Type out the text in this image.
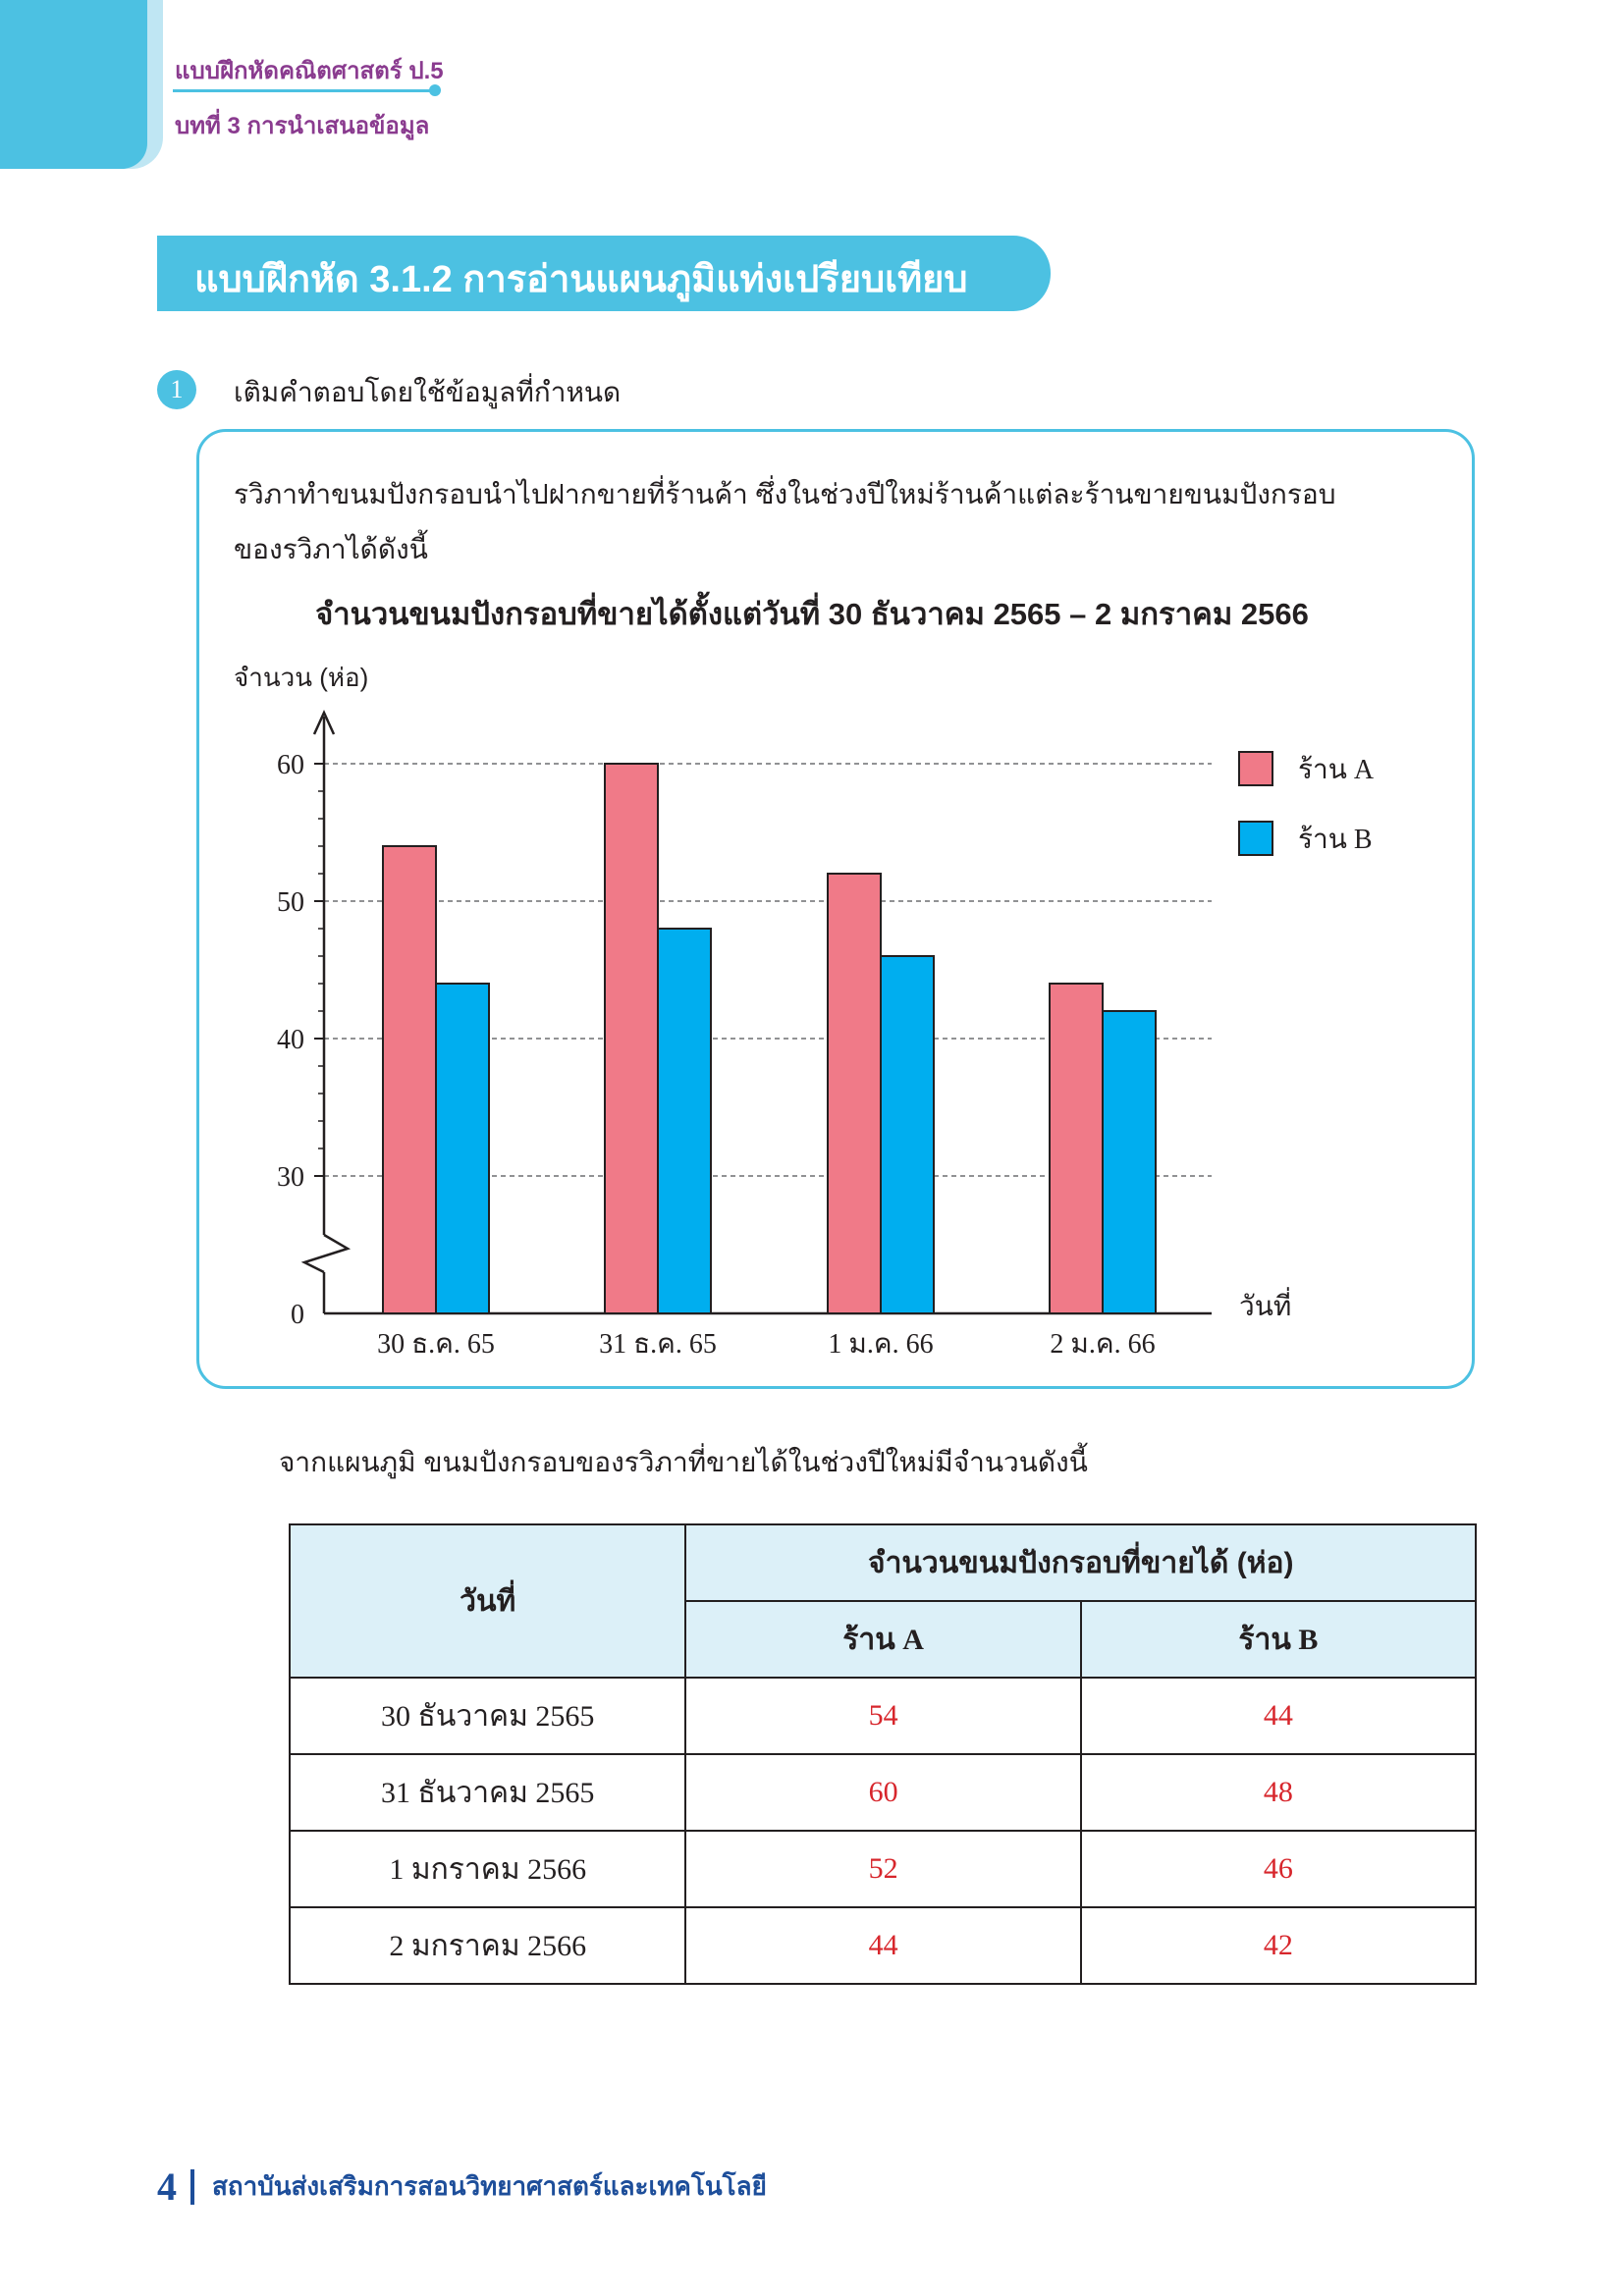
แบบฝึกหัดคณิตศาสตร์ ป.5
บทที่ 3 การนำเสนอข้อมูล
แบบฝึกหัด 3.1.2 การอ่านแผนภูมิแท่งเปรียบเทียบ
1	เติมคำตอบโดยใช้ข้อมูลที่กำหนด
รวิภาทำขนมปังกรอบนำไปฝากขายที่ร้านค้า ซึ่งในช่วงปีใหม่ร้านค้าแต่ละร้านขายขนมปังกรอบ
ของรวิภาได้ดังนี้
จำนวนขนมปังกรอบที่ขายได้ตั้งแต่วันที่ 30 ธันวาคม 2565 – 2 มกราคม 2566
จำนวน (ห่อ)
30
40
50
60
0	วันที่
30 ธ.ค. 65	31 ธ.ค. 65	1 ม.ค. 66	2 ม.ค. 66
ร้าน A
ร้าน B
จากแผนภูมิ ขนมปังกรอบของรวิภาที่ขายได้ในช่วงปีใหม่มีจำนวนดังนี้
วันที่	จำนวนขนมปังกรอบที่ขายได้ (ห่อ)	
	ร้าน A	ร้าน B
30 ธันวาคม 2565	54	44
31 ธันวาคม 2565	60	48
1 มกราคม 2566	52	46
2 มกราคม 2566	44	42
4 สถาบันส่งเสริมการสอนวิทยาศาสตร์และเทคโนโลยี
